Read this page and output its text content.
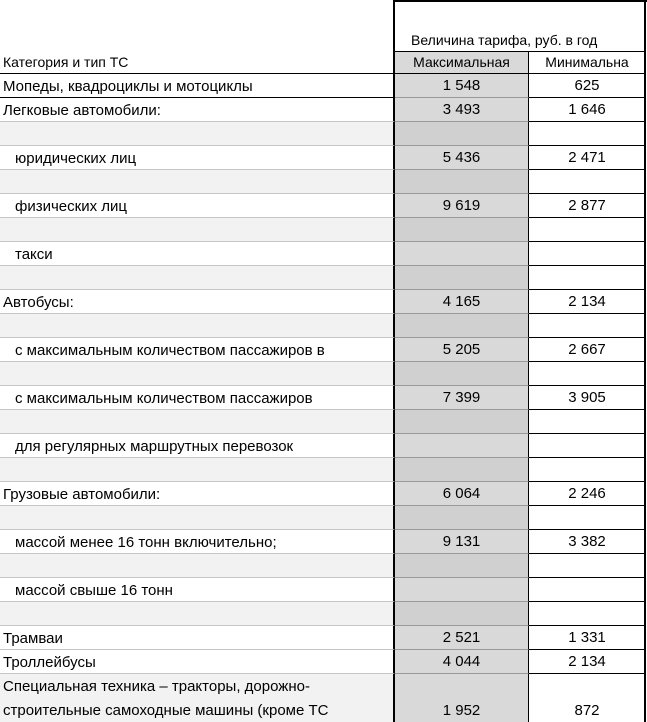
Категория и тип ТС
Величина тарифа, руб. в год
Максимальная	Минимальна
Мопеды, квадроциклы и мотоциклы	1 548	625
Легковые автомобили:	3 493	1 646
юридических лиц	5 436	2 471
физических лиц	9 619	2 877
такси
Автобусы:	4 165	2 134
с максимальным количеством пассажиров в	5 205	2 667
с максимальным количеством пассажиров	7 399	3 905
для регулярных маршрутных перевозок
Грузовые автомобили:	6 064	2 246
массой менее 16 тонн включительно;	9 131	3 382
массой свыше 16 тонн
Трамваи	2 521	1 331
Троллейбусы	4 044	2 134
Специальная техника – тракторы, дорожно-
строительные самоходные машины (кроме ТС	1 952	872
